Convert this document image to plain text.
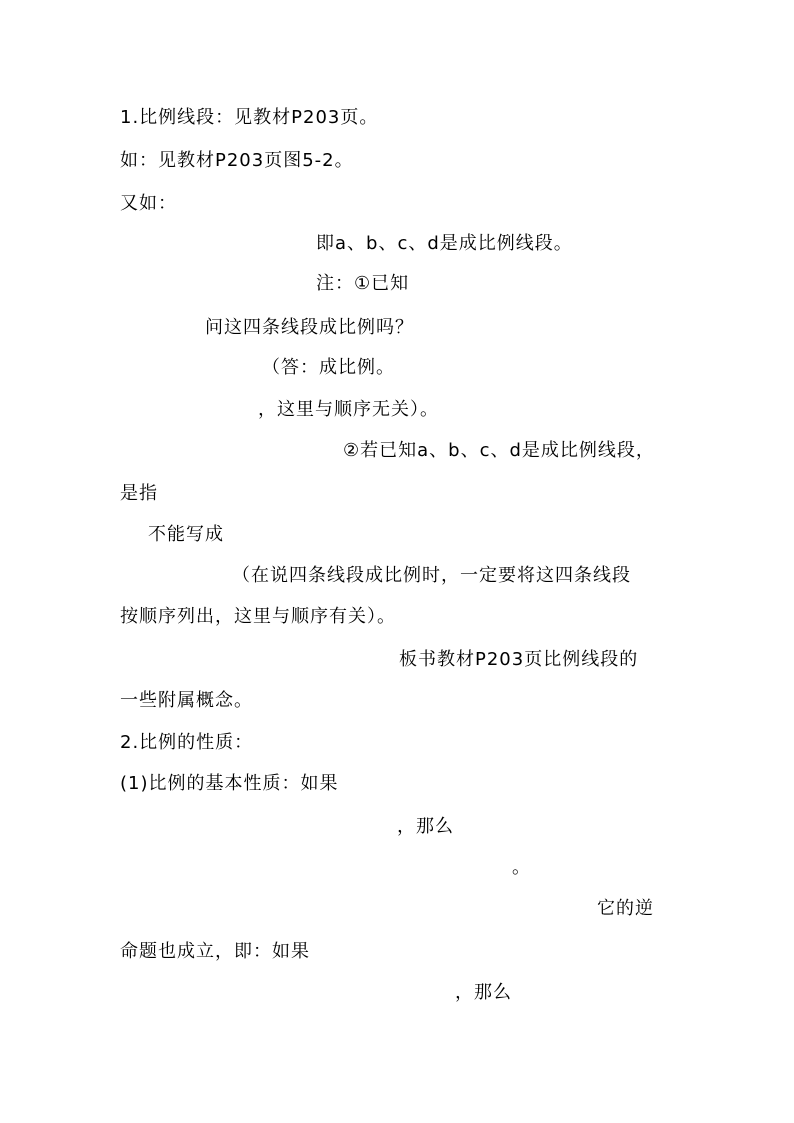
1.比例线段：见教材P203页。
如：见教材P203页图5-2。
又如：
即a、b、c、d是成比例线段。
注：①已知
问这四条线段成比例吗？
（答：成比例。
，这里与顺序无关）。
②若已知a、b、c、d是成比例线段，
是指
不能写成
（在说四条线段成比例时，一定要将这四条线段
按顺序列出，这里与顺序有关）。
板书教材P203页比例线段的
一些附属概念。
2.比例的性质：
(1)比例的基本性质：如果
，那么
。
它的逆
命题也成立，即：如果
，那么
